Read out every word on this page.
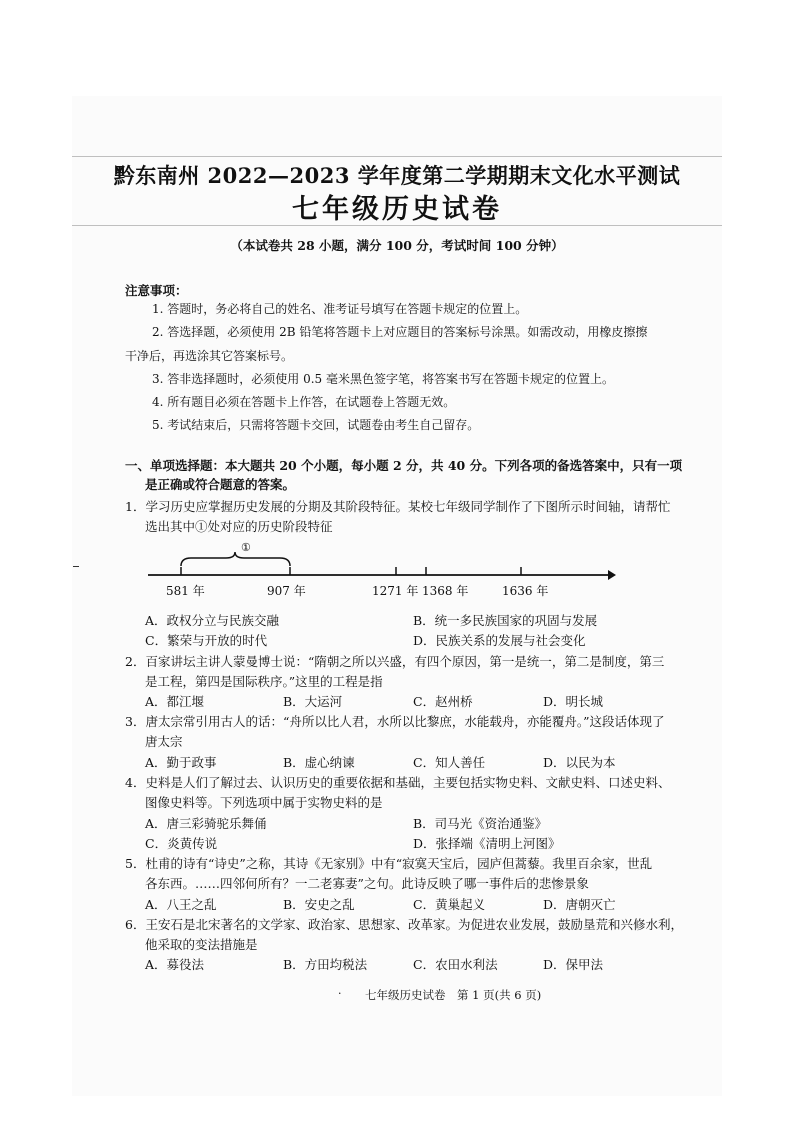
黔东南州 2022—2023 学年度第二学期期末文化水平测试
七年级历史试卷
（本试卷共 28 小题，满分 100 分，考试时间 100 分钟）
注意事项：
1. 答题时，务必将自己的姓名、准考证号填写在答题卡规定的位置上。
2. 答选择题，必须使用 2B 铅笔将答题卡上对应题目的答案标号涂黑。如需改动，用橡皮擦擦
干净后，再选涂其它答案标号。
3. 答非选择题时，必须使用 0.5 毫米黑色签字笔，将答案书写在答题卡规定的位置上。
4. 所有题目必须在答题卡上作答，在试题卷上答题无效。
5. 考试结束后，只需将答题卡交回，试题卷由考生自己留存。
一、单项选择题：本大题共 20 个小题，每小题 2 分，共 40 分。下列各项的备选答案中，只有一项
是正确或符合题意的答案。
1．学习历史应掌握历史发展的分期及其阶段特征。某校七年级同学制作了下图所示时间轴，请帮忙
选出其中①处对应的历史阶段特征
①
581 年	907 年	1271 年 1368 年	1636 年
A．政权分立与民族交融	B．统一多民族国家的巩固与发展
C．繁荣与开放的时代	D．民族关系的发展与社会变化
2．百家讲坛主讲人蒙曼博士说：“隋朝之所以兴盛，有四个原因，第一是统一，第二是制度，第三
是工程，第四是国际秩序。”这里的工程是指
A．都江堰	B．大运河	C．赵州桥	D．明长城
3．唐太宗常引用古人的话：“舟所以比人君，水所以比黎庶，水能载舟，亦能覆舟。”这段话体现了
唐太宗
A．勤于政事	B．虚心纳谏	C．知人善任	D．以民为本
4．史料是人们了解过去、认识历史的重要依据和基础，主要包括实物史料、文献史料、口述史料、
图像史料等。下列选项中属于实物史料的是
A．唐三彩骑驼乐舞俑	B．司马光《资治通鉴》
C．炎黄传说	D．张择端《清明上河图》
5．杜甫的诗有“诗史”之称，其诗《无家别》中有“寂寞天宝后，园庐但蒿藜。我里百余家，世乱
各东西。……四邻何所有？一二老寡妻”之句。此诗反映了哪一事件后的悲惨景象
A．八王之乱	B．安史之乱	C．黄巢起义	D．唐朝灭亡
6．王安石是北宋著名的文学家、政治家、思想家、改革家。为促进农业发展，鼓励垦荒和兴修水利，
他采取的变法措施是
A．募役法	B．方田均税法	C．农田水利法	D．保甲法
· 七年级历史试卷　第 1 页(共 6 页)
